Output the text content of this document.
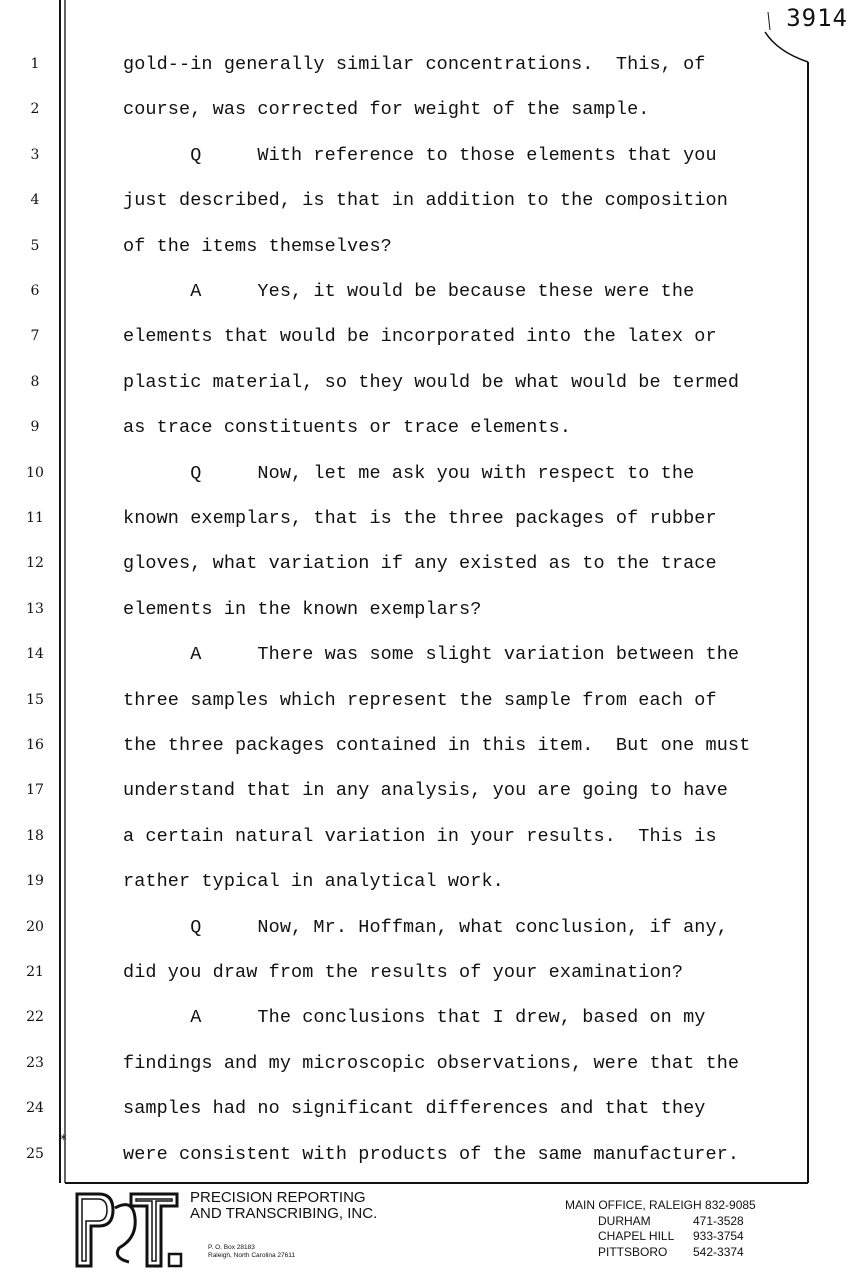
3914
1	gold--in generally similar concentrations.  This, of
2	course, was corrected for weight of the sample.
3	Q     With reference to those elements that you
4	just described, is that in addition to the composition
5	of the items themselves?
6	A     Yes, it would be because these were the
7	elements that would be incorporated into the latex or
8	plastic material, so they would be what would be termed
9	as trace constituents or trace elements.
10	Q     Now, let me ask you with respect to the
11	known exemplars, that is the three packages of rubber
12	gloves, what variation if any existed as to the trace
13	elements in the known exemplars?
14	A     There was some slight variation between the
15	three samples which represent the sample from each of
16	the three packages contained in this item.  But one must
17	understand that in any analysis, you are going to have
18	a certain natural variation in your results.  This is
19	rather typical in analytical work.
20	Q     Now, Mr. Hoffman, what conclusion, if any,
21	did you draw from the results of your examination?
22	A     The conclusions that I drew, based on my
23	findings and my microscopic observations, were that the
24	samples had no significant differences and that they
25	were consistent with products of the same manufacturer.
*
PRECISION REPORTING
AND TRANSCRIBING, INC.
P. O. Box 28183
Raleigh, North Carolina 27611
MAIN OFFICE, RALEIGH 832-9085
DURHAM	471-3528
CHAPEL HILL 933-3754
PITTSBORO 542-3374
